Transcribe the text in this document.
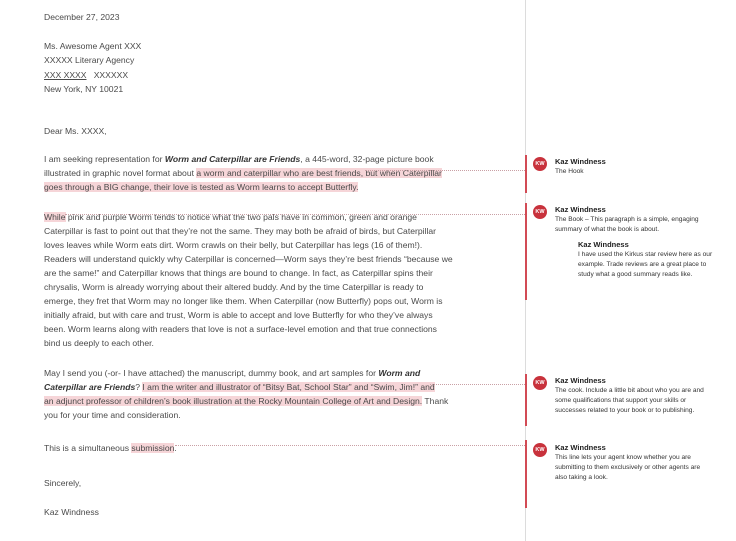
December 27, 2023
Ms. Awesome Agent XXX
XXXXX Literary Agency
XXX XXXX XXXXXX
New York, NY 10021
Dear Ms. XXXX,
I am seeking representation for Worm and Caterpillar are Friends, a 445-word, 32-page picture book
illustrated in graphic novel format about a worm and caterpillar who are best friends, but when Caterpillar
goes through a BIG change, their love is tested as Worm learns to accept Butterfly.
While pink and purple Worm tends to notice what the two pals have in common, green and orange
Caterpillar is fast to point out that they’re not the same. They may both be afraid of birds, but Caterpillar
loves leaves while Worm eats dirt. Worm crawls on their belly, but Caterpillar has legs (16 of them!).
Readers will understand quickly why Caterpillar is concerned—Worm says they’re best friends “because we
are the same!” and Caterpillar knows that things are bound to change. In fact, as Caterpillar spins their
chrysalis, Worm is already worrying about their altered buddy. And by the time Caterpillar is ready to
emerge, they fret that Worm may no longer like them. When Caterpillar (now Butterfly) pops out, Worm is
initially afraid, but with care and trust, Worm is able to accept and love Butterfly for who they’ve always
been. Worm learns along with readers that love is not a surface-level emotion and that true connections
bind us deeply to each other.
May I send you (-or- I have attached) the manuscript, dummy book, and art samples for Worm and
Caterpillar are Friends? I am the writer and illustrator of “Bitsy Bat, School Star” and “Swim, Jim!” and
an adjunct professor of children’s book illustration at the Rocky Mountain College of Art and Design. Thank
you for your time and consideration.
This is a simultaneous submission.
Sincerely,
Kaz Windness
KW	Kaz Windness
The Hook
KW	Kaz Windness
The Book – This paragraph is a simple, engaging
summary of what the book is about.
Kaz Windness
I have used the Kirkus star review here as our
example. Trade reviews are a great place to
study what a good summary reads like.
KW	Kaz Windness
The cook. Include a little bit about who you are and
some qualifications that support your skills or
successes related to your book or to publishing.
KW	Kaz Windness
This line lets your agent know whether you are
submitting to them exclusively or other agents are
also taking a look.
